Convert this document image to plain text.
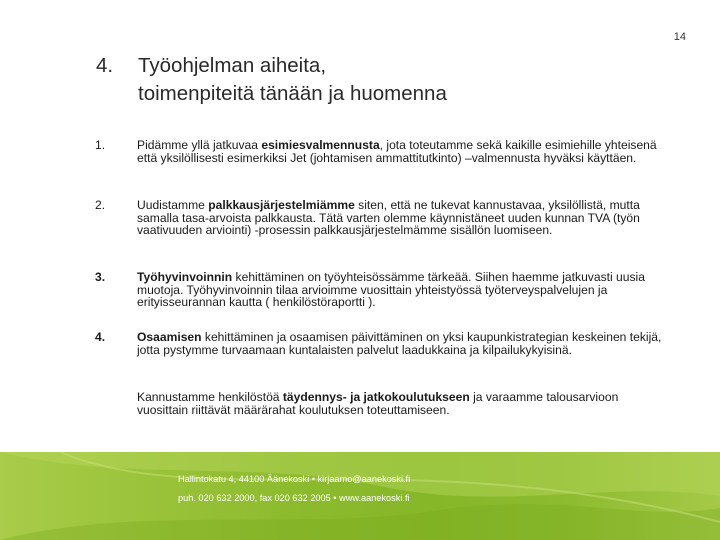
14
4. Työohjelman aiheita,
toimenpiteitä tänään ja huomenna
1.	Pidämme yllä jatkuvaa esimiesvalmennusta, jota toteutamme sekä kaikille esimiehille yhteisenä että yksilöllisesti esimerkiksi Jet (johtamisen ammattitutkinto) –valmennusta hyväksi käyttäen.
2.	Uudistamme palkkausjärjestelmiämme siten, että ne tukevat kannustavaa, yksilöllistä, mutta samalla tasa-arvoista palkkausta. Tätä varten olemme käynnistäneet uuden kunnan TVA (työn vaativuuden arviointi) -prosessin palkkausjärjestelmämme sisällön luomiseen.
3.	Työhyvinvoinnin kehittäminen on työyhteisössämme tärkeää. Siihen haemme jatkuvasti uusia muotoja. Työhyvinvoinnin tilaa arvioimme vuosittain yhteistyössä työterveyspalvelujen ja erityisseurannan kautta ( henkilöstöraportti ).
4.	Osaamisen kehittäminen ja osaamisen päivittäminen on yksi kaupunkistrategian keskeinen tekijä, jotta pystymme turvaamaan kuntalaisten palvelut laadukkaina ja kilpailukykyisinä.
Kannustamme henkilöstöä täydennys- ja jatkokoulutukseen ja varaamme talousarvioon vuosittain riittävät määrärahat koulutuksen toteuttamiseen.
Hallintokatu 4, 44100 Äänekoski • kirjaamo@aanekoski.fi
puh. 020 632 2000, fax 020 632 2005 • www.aanekoski.fi
